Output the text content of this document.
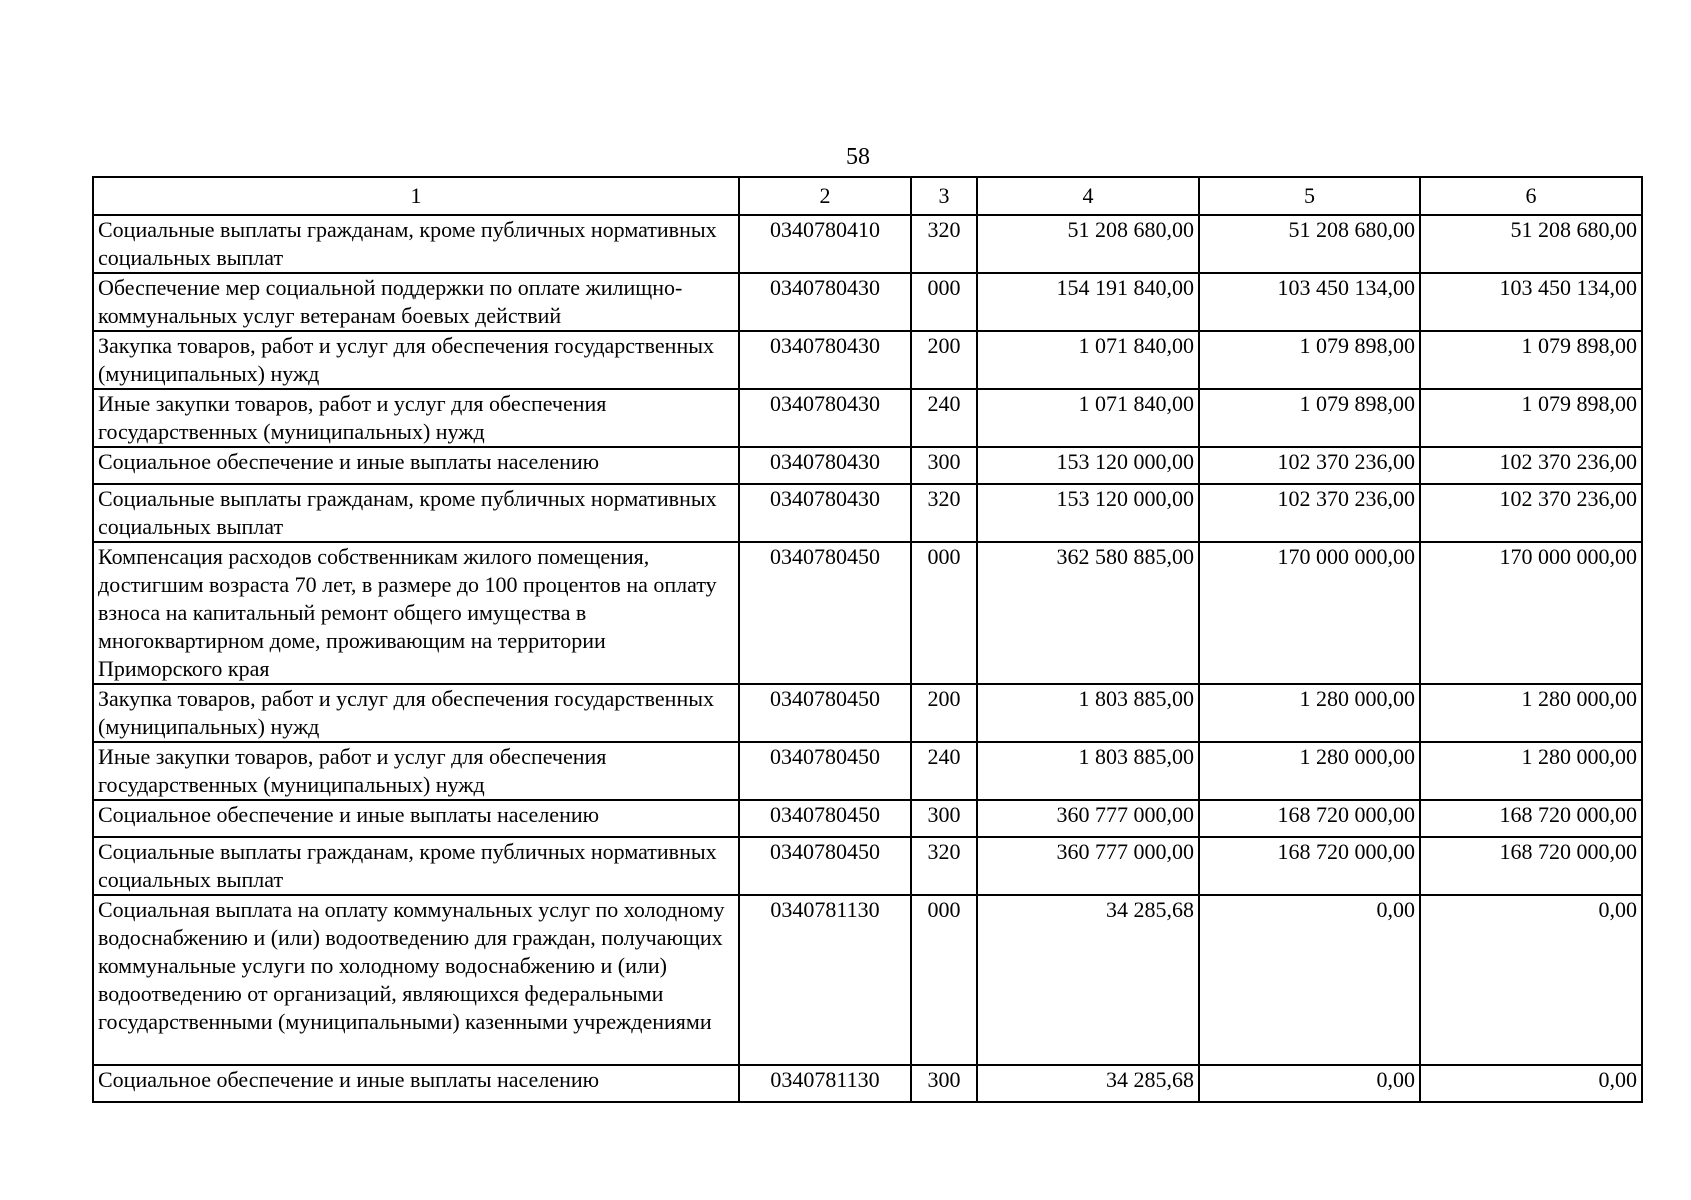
58
1	2	3	4	5	6
Социальные выплаты гражданам, кроме публичных нормативных социальных выплат	0340780410	320	51 208 680,00	51 208 680,00	51 208 680,00
Обеспечение мер социальной поддержки по оплате жилищно-коммунальных услуг ветеранам боевых действий	0340780430	000	154 191 840,00	103 450 134,00	103 450 134,00
Закупка товаров, работ и услуг для обеспечения государственных (муниципальных) нужд	0340780430	200	1 071 840,00	1 079 898,00	1 079 898,00
Иные закупки товаров, работ и услуг для обеспечения государственных (муниципальных) нужд	0340780430	240	1 071 840,00	1 079 898,00	1 079 898,00
Социальное обеспечение и иные выплаты населению	0340780430	300	153 120 000,00	102 370 236,00	102 370 236,00
Социальные выплаты гражданам, кроме публичных нормативных социальных выплат	0340780430	320	153 120 000,00	102 370 236,00	102 370 236,00
Компенсация расходов собственникам жилого помещения, достигшим возраста 70 лет, в размере до 100 процентов на оплату взноса на капитальный ремонт общего имущества в многоквартирном доме, проживающим на территории Приморского края	0340780450	000	362 580 885,00	170 000 000,00	170 000 000,00
Закупка товаров, работ и услуг для обеспечения государственных (муниципальных) нужд	0340780450	200	1 803 885,00	1 280 000,00	1 280 000,00
Иные закупки товаров, работ и услуг для обеспечения государственных (муниципальных) нужд	0340780450	240	1 803 885,00	1 280 000,00	1 280 000,00
Социальное обеспечение и иные выплаты населению	0340780450	300	360 777 000,00	168 720 000,00	168 720 000,00
Социальные выплаты гражданам, кроме публичных нормативных социальных выплат	0340780450	320	360 777 000,00	168 720 000,00	168 720 000,00
Социальная выплата на оплату коммунальных услуг по холодному водоснабжению и (или) водоотведению для граждан, получающих коммунальные услуги по холодному водоснабжению и (или) водоотведению от организаций, являющихся федеральными государственными (муниципальными) казенными учреждениями	0340781130	000	34 285,68	0,00	0,00
Социальное обеспечение и иные выплаты населению	0340781130	300	34 285,68	0,00	0,00
